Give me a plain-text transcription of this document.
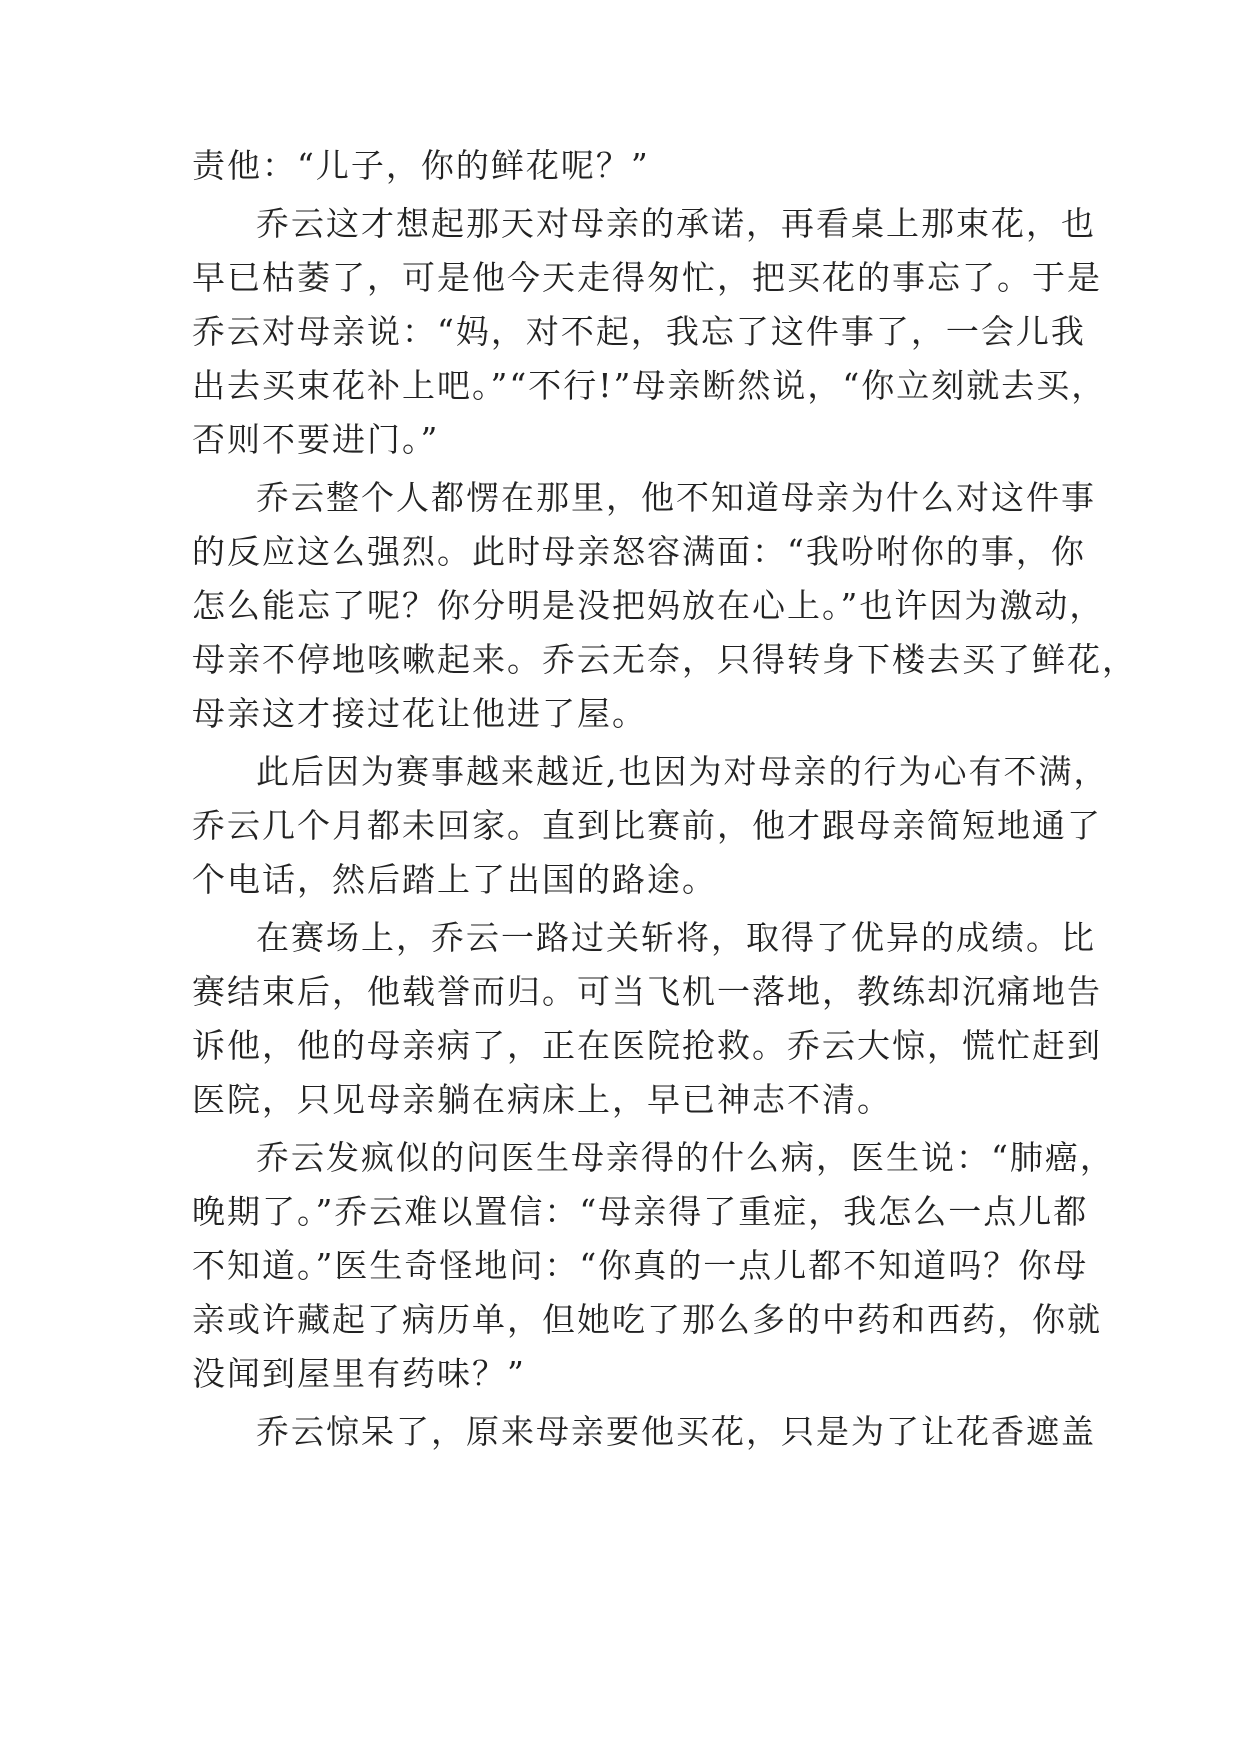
责他：“儿子，你的鲜花呢？”
乔云这才想起那天对母亲的承诺，再看桌上那束花，也
早已枯萎了，可是他今天走得匆忙，把买花的事忘了。于是
乔云对母亲说：“妈，对不起，我忘了这件事了，一会儿我
出去买束花补上吧。”“不行!”母亲断然说，“你立刻就去买，
否则不要进门。”
乔云整个人都愣在那里，他不知道母亲为什么对这件事
的反应这么强烈。此时母亲怒容满面：“我吩咐你的事，你
怎么能忘了呢？你分明是没把妈放在心上。”也许因为激动，
母亲不停地咳嗽起来。乔云无奈，只得转身下楼去买了鲜花，
母亲这才接过花让他进了屋。
此后因为赛事越来越近,也因为对母亲的行为心有不满，
乔云几个月都未回家。直到比赛前，他才跟母亲简短地通了
个电话，然后踏上了出国的路途。
在赛场上，乔云一路过关斩将，取得了优异的成绩。比
赛结束后，他载誉而归。可当飞机一落地，教练却沉痛地告
诉他，他的母亲病了，正在医院抢救。乔云大惊，慌忙赶到
医院，只见母亲躺在病床上，早已神志不清。
乔云发疯似的问医生母亲得的什么病，医生说：“肺癌，
晚期了。”乔云难以置信：“母亲得了重症，我怎么一点儿都
不知道。”医生奇怪地问：“你真的一点儿都不知道吗？你母
亲或许藏起了病历单，但她吃了那么多的中药和西药，你就
没闻到屋里有药味？”
乔云惊呆了，原来母亲要他买花，只是为了让花香遮盖
